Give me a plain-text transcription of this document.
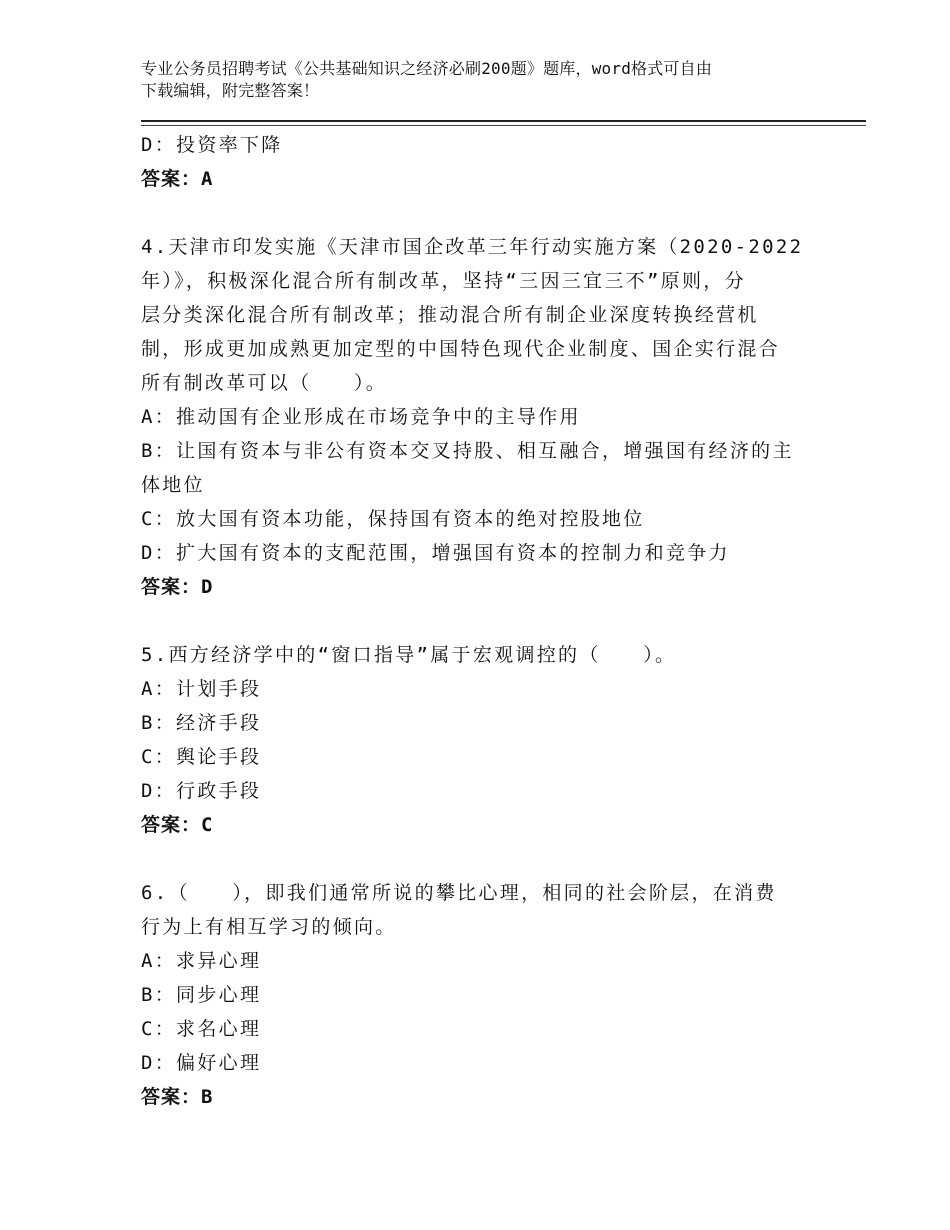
专业公务员招聘考试《公共基础知识之经济必刷200题》题库，word格式可自由
下载编辑，附完整答案！
D：投资率下降
答案：A
4.天津市印发实施《天津市国企改革三年行动实施方案（2020-2022
年）》，积极深化混合所有制改革，坚持“三因三宜三不”原则，分
层分类深化混合所有制改革；推动混合所有制企业深度转换经营机
制，形成更加成熟更加定型的中国特色现代企业制度、国企实行混合
所有制改革可以（　　）。
A：推动国有企业形成在市场竞争中的主导作用
B：让国有资本与非公有资本交叉持股、相互融合，增强国有经济的主
体地位
C：放大国有资本功能，保持国有资本的绝对控股地位
D：扩大国有资本的支配范围，增强国有资本的控制力和竞争力
答案：D
5.西方经济学中的“窗口指导”属于宏观调控的（　　）。
A：计划手段
B：经济手段
C：舆论手段
D：行政手段
答案：C
6.（　　），即我们通常所说的攀比心理，相同的社会阶层，在消费
行为上有相互学习的倾向。
A：求异心理
B：同步心理
C：求名心理
D：偏好心理
答案：B
